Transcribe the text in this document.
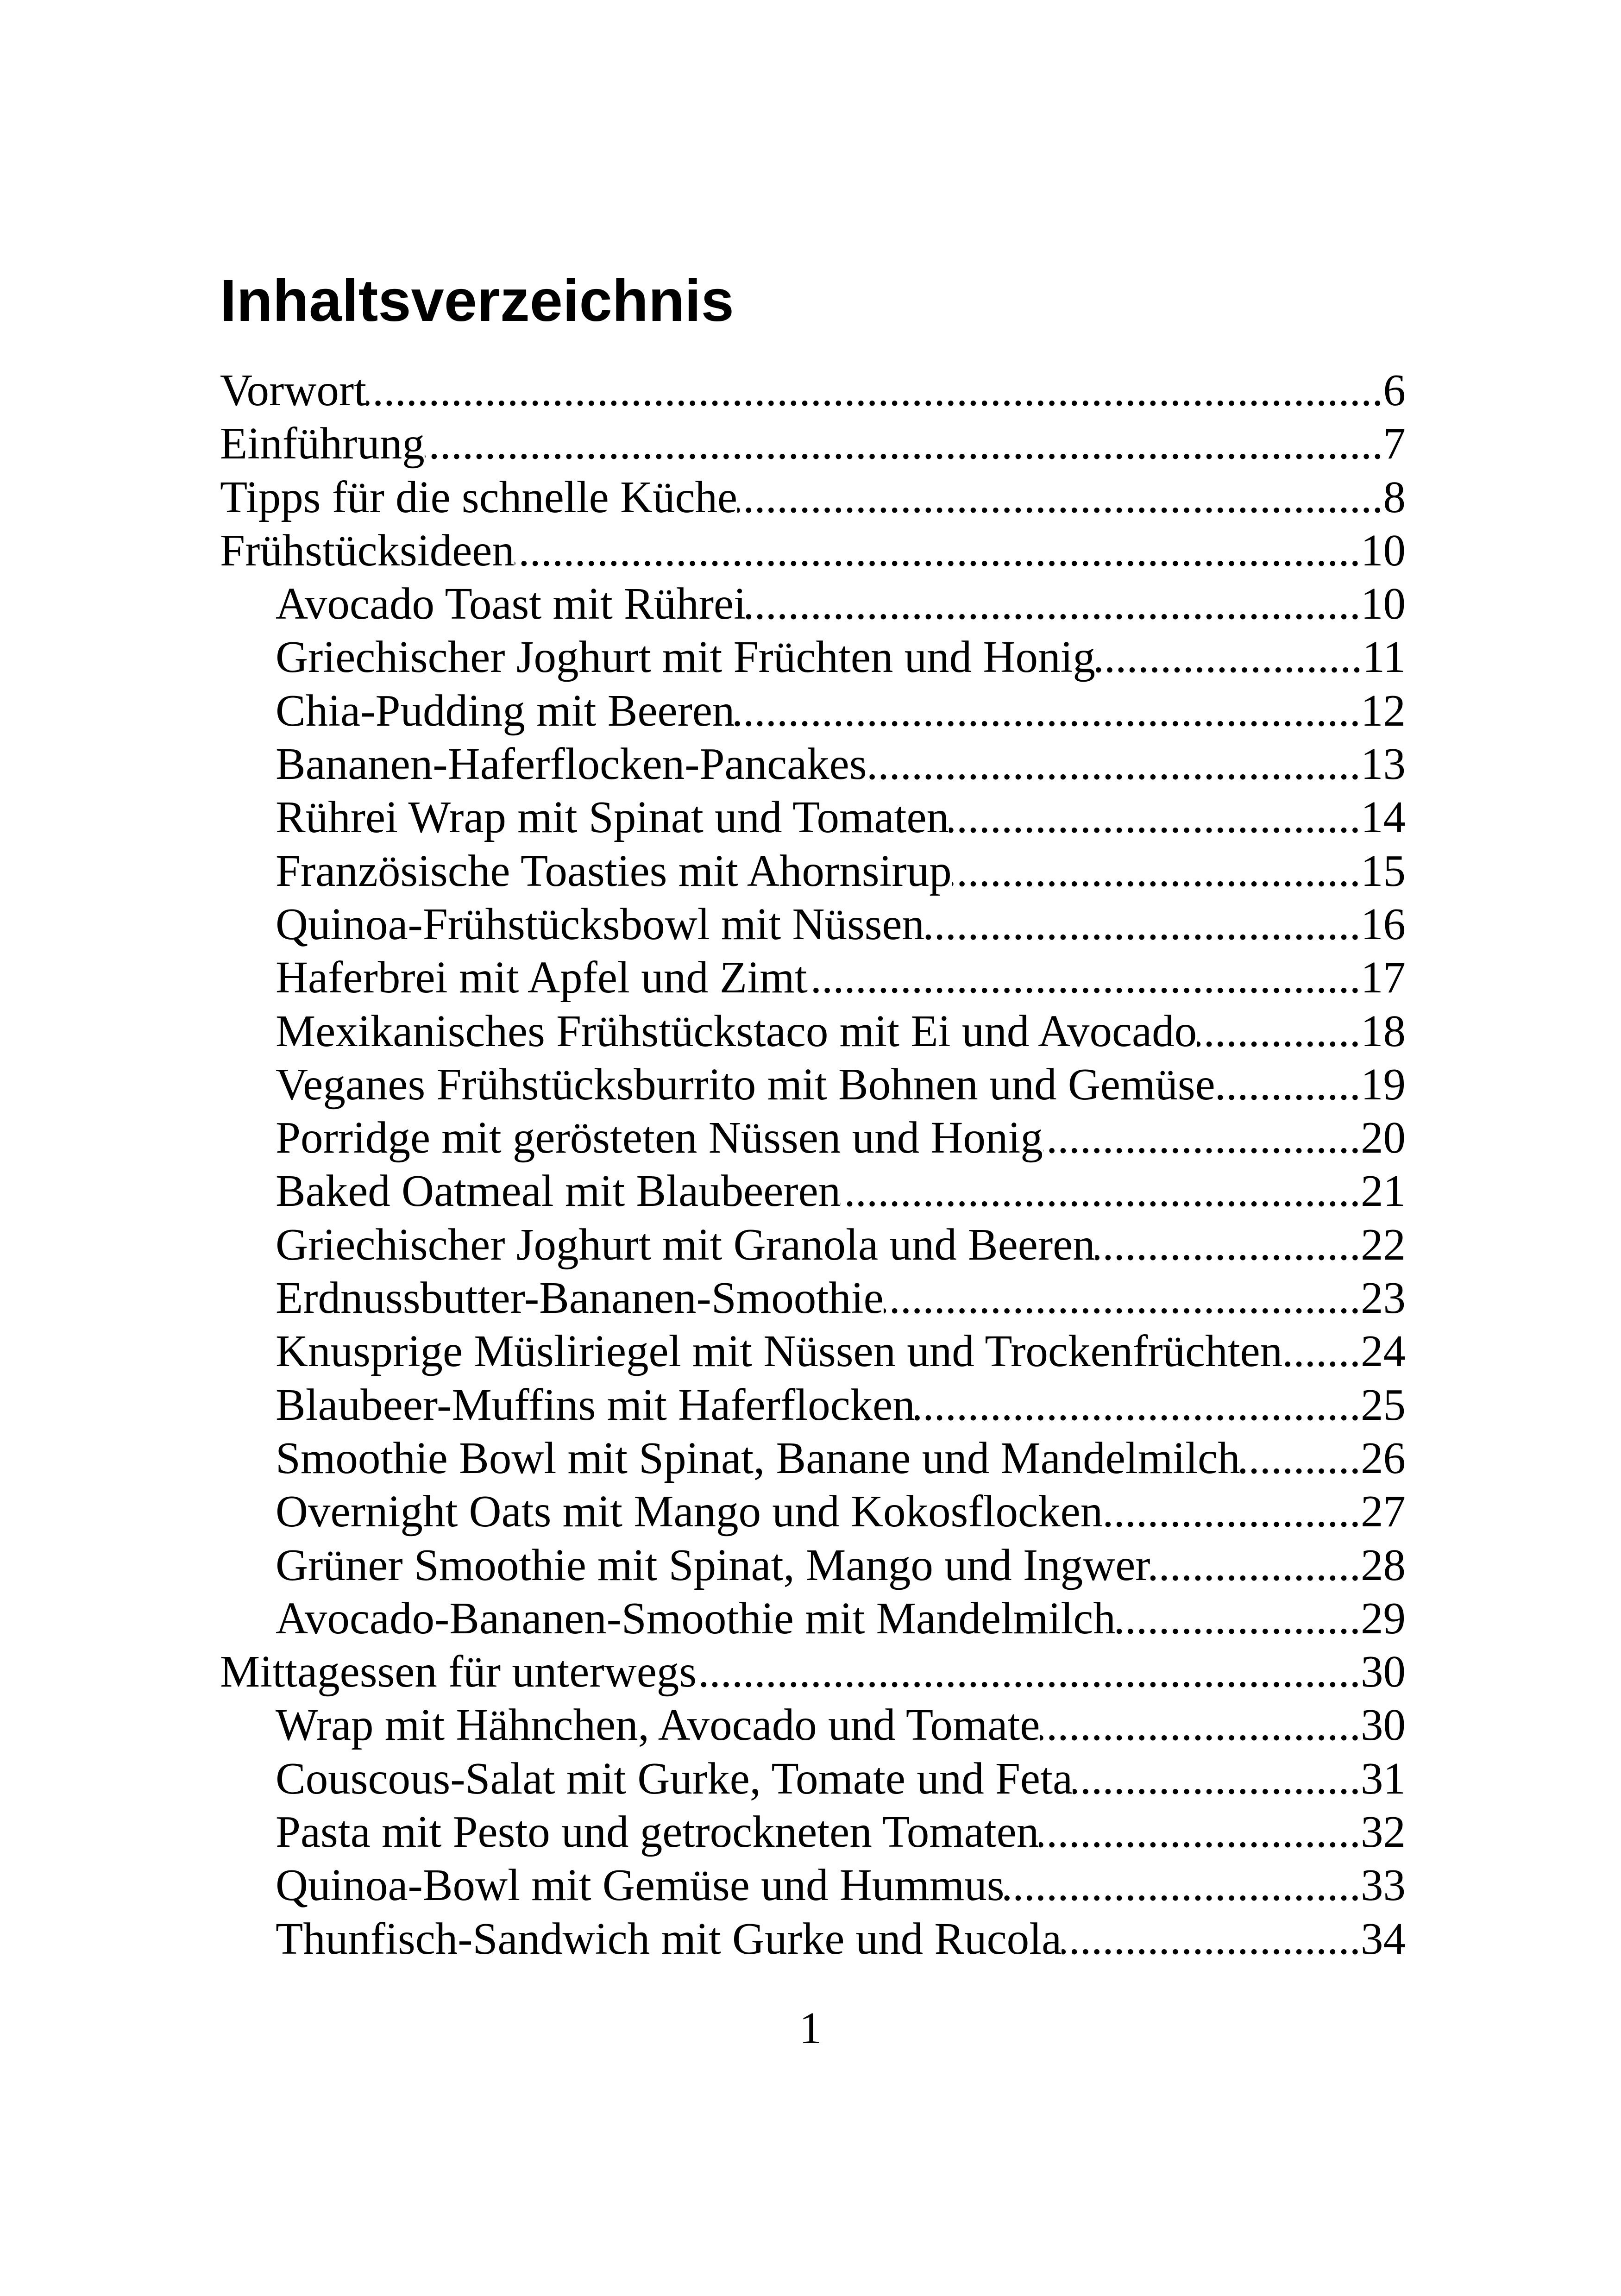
Inhaltsverzeichnis
Vorwort .....	6
Einführung .....	7
Tipps für die schnelle Küche .....	8
Frühstücksideen .....	10
Avocado Toast mit Rührei .....	10
Griechischer Joghurt mit Früchten und Honig .....	11
Chia-Pudding mit Beeren .....	12
Bananen-Haferflocken-Pancakes .....	13
Rührei Wrap mit Spinat und Tomaten .....	14
Französische Toasties mit Ahornsirup .....	15
Quinoa-Frühstücksbowl mit Nüssen .....	16
Haferbrei mit Apfel und Zimt .....	17
Mexikanisches Frühstückstaco mit Ei und Avocado .....	18
Veganes Frühstücksburrito mit Bohnen und Gemüse .....	19
Porridge mit gerösteten Nüssen und Honig .....	20
Baked Oatmeal mit Blaubeeren .....	21
Griechischer Joghurt mit Granola und Beeren .....	22
Erdnussbutter-Bananen-Smoothie .....	23
Knusprige Müsliriegel mit Nüssen und Trockenfrüchten ..... 24
Blaubeer-Muffins mit Haferflocken .....	25
Smoothie Bowl mit Spinat, Banane und Mandelmilch .....	26
Overnight Oats mit Mango und Kokosflocken .....	27
Grüner Smoothie mit Spinat, Mango und Ingwer .....	28
Avocado-Bananen-Smoothie mit Mandelmilch .....	29
Mittagessen für unterwegs .....	30
Wrap mit Hähnchen, Avocado und Tomate .....	30
Couscous-Salat mit Gurke, Tomate und Feta .....	31
Pasta mit Pesto und getrockneten Tomaten .....	32
Quinoa-Bowl mit Gemüse und Hummus .....	33
Thunfisch-Sandwich mit Gurke und Rucola .....	34
1
